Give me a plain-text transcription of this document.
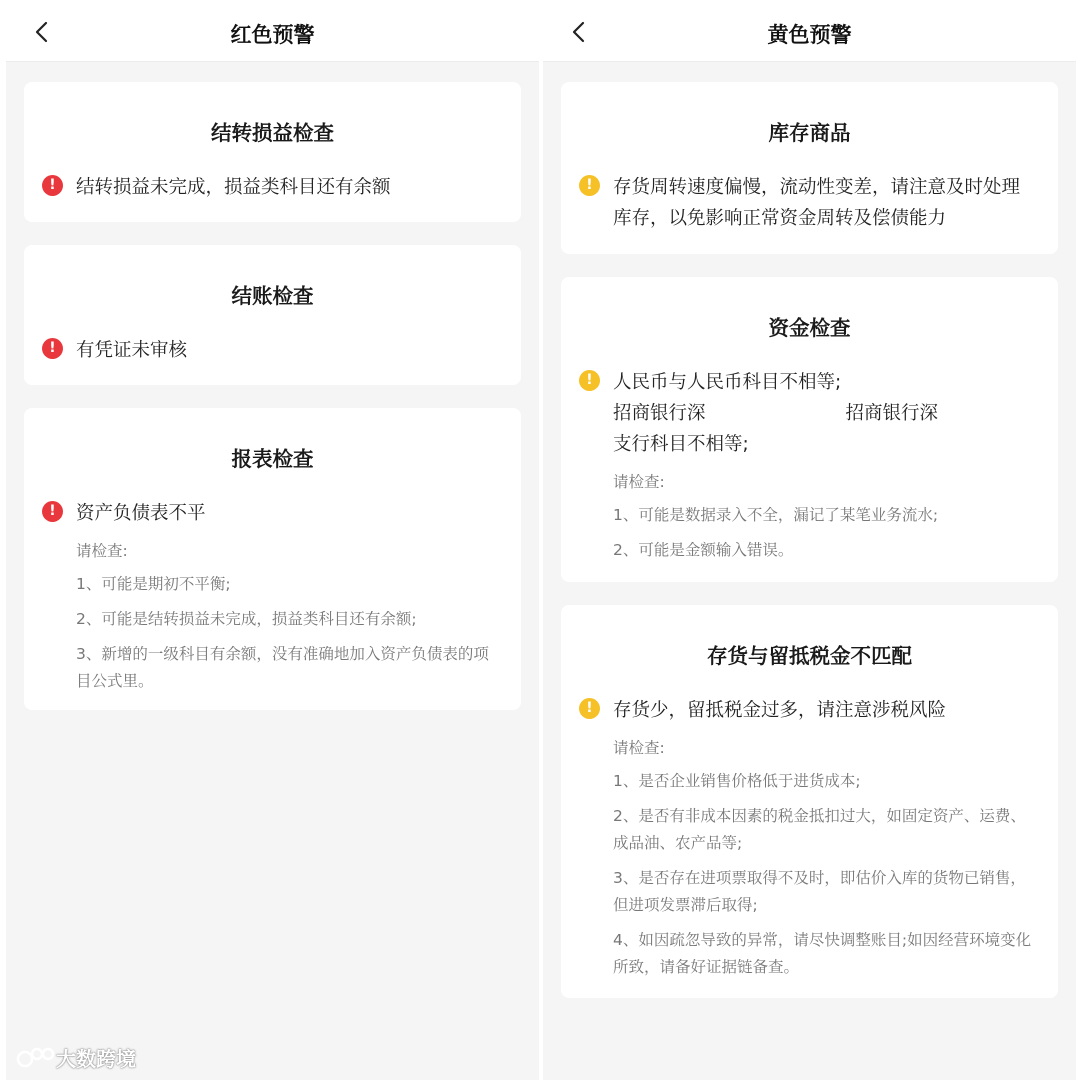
红色预警
结转损益检查
!	结转损益未完成，损益类科目还有余额
结账检查
!	有凭证未审核
报表检查
!	资产负债表不平
请检查:
1、可能是期初不平衡;
2、可能是结转损益未完成，损益类科目还有余额;
3、新增的一级科目有余额，没有准确地加入资产负债表的项目公式里。
大数跨境
黄色预警
库存商品
!	存货周转速度偏慢，流动性变差，请注意及时处理库存，以免影响正常资金周转及偿债能力
资金检查
!	人民币与人民币科目不相等;
招商银行深	招商银行深
支行科目不相等;
请检查:
1、可能是数据录入不全，漏记了某笔业务流水;
2、可能是金额输入错误。
存货与留抵税金不匹配
!	存货少，留抵税金过多，请注意涉税风险
请检查:
1、是否企业销售价格低于进货成本;
2、是否有非成本因素的税金抵扣过大，如固定资产、运费、成品油、农产品等;
3、是否存在进项票取得不及时，即估价入库的货物已销售，但进项发票滞后取得;
4、如因疏忽导致的异常，请尽快调整账目;如因经营环境变化所致，请备好证据链备查。
